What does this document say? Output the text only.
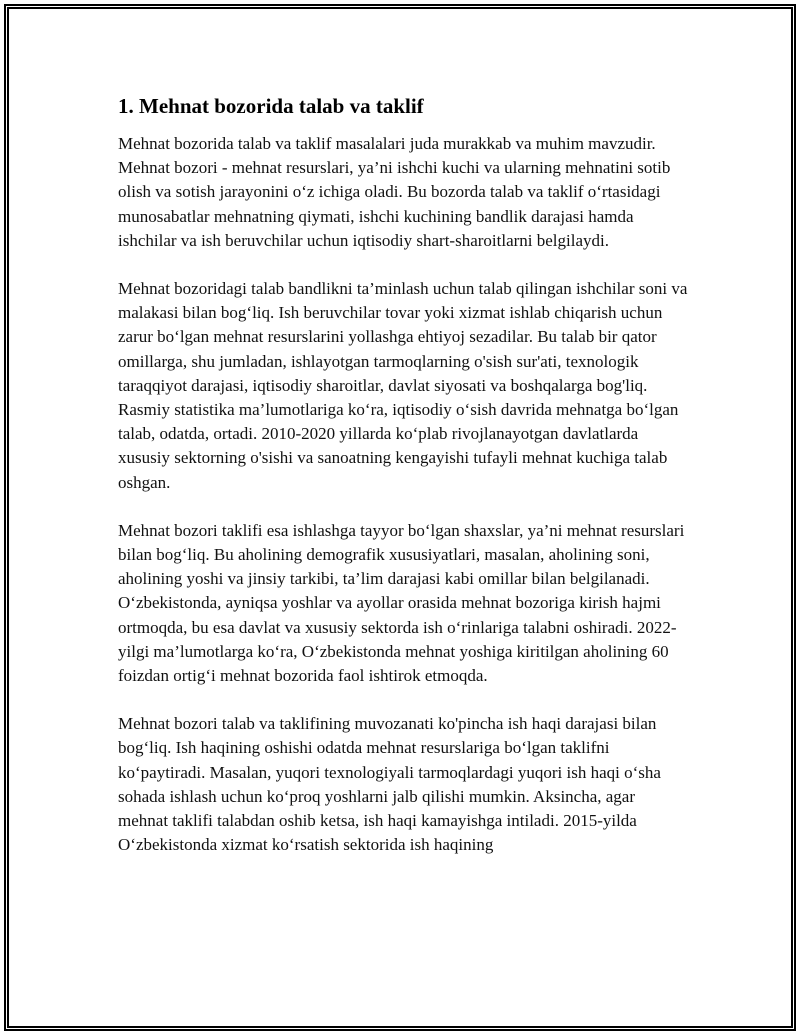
1. Mehnat bozorida talab va taklif

Mehnat bozorida talab va taklif masalalari juda murakkab va muhim mavzudir. Mehnat bozori - mehnat resurslari, ya’ni ishchi kuchi va ularning mehnatini sotib olish va sotish jarayonini o‘z ichiga oladi. Bu bozorda talab va taklif o‘rtasidagi munosabatlar mehnatning qiymati, ishchi kuchining bandlik darajasi hamda ishchilar va ish beruvchilar uchun iqtisodiy shart-sharoitlarni belgilaydi.

Mehnat bozoridagi talab bandlikni ta’minlash uchun talab qilingan ishchilar soni va malakasi bilan bog‘liq. Ish beruvchilar tovar yoki xizmat ishlab chiqarish uchun zarur bo‘lgan mehnat resurslarini yollashga ehtiyoj sezadilar. Bu talab bir qator omillarga, shu jumladan, ishlayotgan tarmoqlarning o'sish sur'ati, texnologik taraqqiyot darajasi, iqtisodiy sharoitlar, davlat siyosati va boshqalarga bog'liq. Rasmiy statistika ma’lumotlariga ko‘ra, iqtisodiy o‘sish davrida mehnatga bo‘lgan talab, odatda, ortadi. 2010-2020 yillarda ko‘plab rivojlanayotgan davlatlarda xususiy sektorning o'sishi va sanoatning kengayishi tufayli mehnat kuchiga talab oshgan.

Mehnat bozori taklifi esa ishlashga tayyor bo‘lgan shaxslar, ya’ni mehnat resurslari bilan bog‘liq. Bu aholining demografik xususiyatlari, masalan, aholining soni, aholining yoshi va jinsiy tarkibi, ta’lim darajasi kabi omillar bilan belgilanadi. O‘zbekistonda, ayniqsa yoshlar va ayollar orasida mehnat bozoriga kirish hajmi ortmoqda, bu esa davlat va xususiy sektorda ish o‘rinlariga talabni oshiradi. 2022-yilgi ma’lumotlarga ko‘ra, O‘zbekistonda mehnat yoshiga kiritilgan aholining 60 foizdan ortig‘i mehnat bozorida faol ishtirok etmoqda.

Mehnat bozori talab va taklifining muvozanati ko'pincha ish haqi darajasi bilan bog‘liq. Ish haqining oshishi odatda mehnat resurslariga bo‘lgan taklifni ko‘paytiradi. Masalan, yuqori texnologiyali tarmoqlardagi yuqori ish haqi o‘sha sohada ishlash uchun ko‘proq yoshlarni jalb qilishi mumkin. Aksincha, agar mehnat taklifi talabdan oshib ketsa, ish haqi kamayishga intiladi. 2015-yilda O‘zbekistonda xizmat ko‘rsatish sektorida ish haqining
